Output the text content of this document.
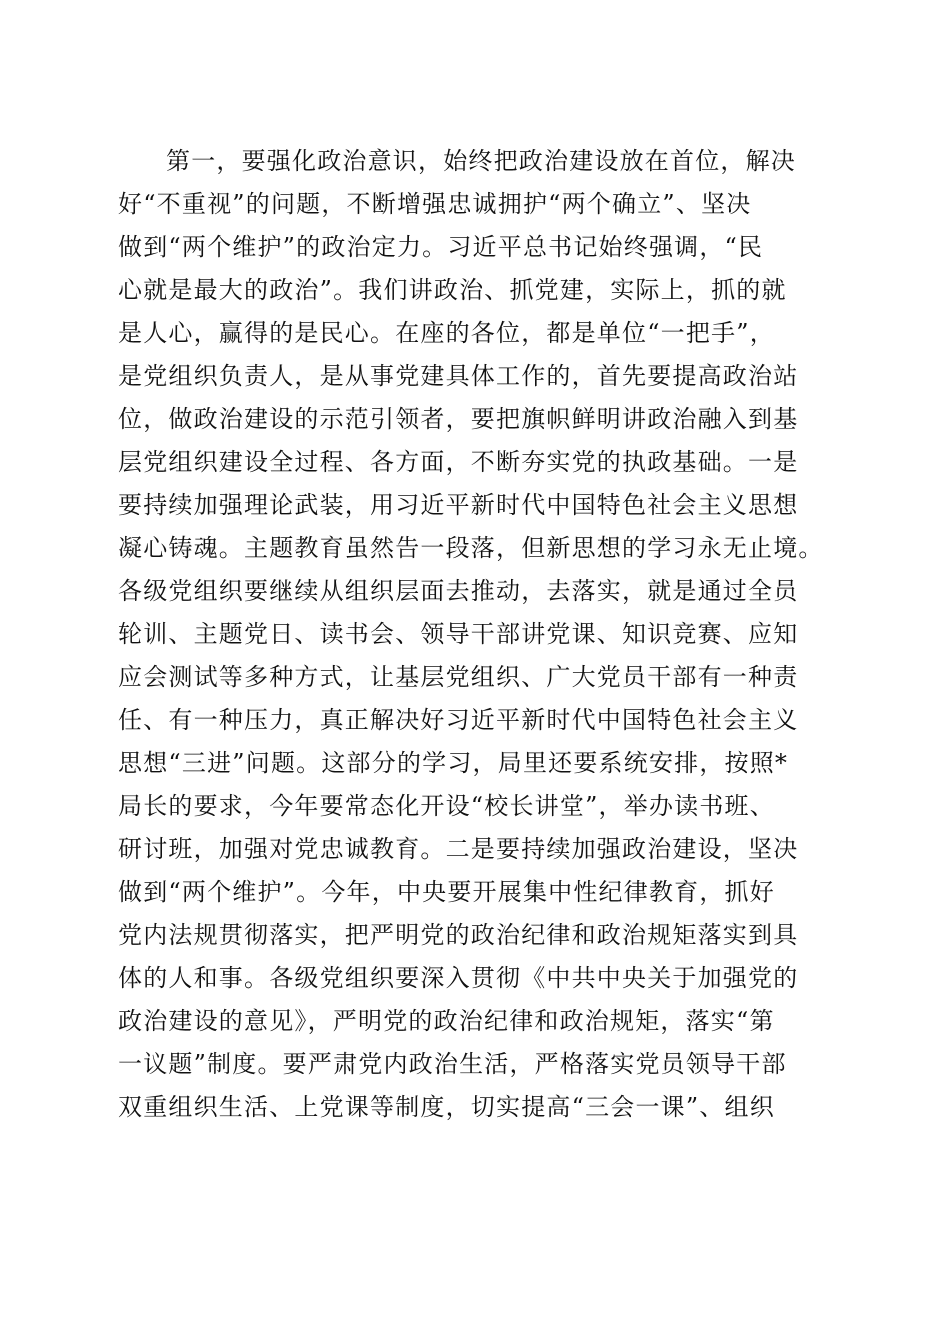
第一，要强化政治意识，始终把政治建设放在首位，解决
好“不重视”的问题，不断增强忠诚拥护“两个确立”、坚决
做到“两个维护”的政治定力。习近平总书记始终强调，“民
心就是最大的政治”。我们讲政治、抓党建，实际上，抓的就
是人心，赢得的是民心。在座的各位，都是单位“一把手”，
是党组织负责人，是从事党建具体工作的，首先要提高政治站
位，做政治建设的示范引领者，要把旗帜鲜明讲政治融入到基
层党组织建设全过程、各方面，不断夯实党的执政基础。一是
要持续加强理论武装，用习近平新时代中国特色社会主义思想
凝心铸魂。主题教育虽然告一段落，但新思想的学习永无止境。
各级党组织要继续从组织层面去推动，去落实，就是通过全员
轮训、主题党日、读书会、领导干部讲党课、知识竞赛、应知
应会测试等多种方式，让基层党组织、广大党员干部有一种责
任、有一种压力，真正解决好习近平新时代中国特色社会主义
思想“三进”问题。这部分的学习，局里还要系统安排，按照*
局长的要求，今年要常态化开设“校长讲堂”，举办读书班、
研讨班，加强对党忠诚教育。二是要持续加强政治建设，坚决
做到“两个维护”。今年，中央要开展集中性纪律教育，抓好
党内法规贯彻落实，把严明党的政治纪律和政治规矩落实到具
体的人和事。各级党组织要深入贯彻《中共中央关于加强党的
政治建设的意见》，严明党的政治纪律和政治规矩，落实“第
一议题”制度。要严肃党内政治生活，严格落实党员领导干部
双重组织生活、上党课等制度，切实提高“三会一课”、组织
